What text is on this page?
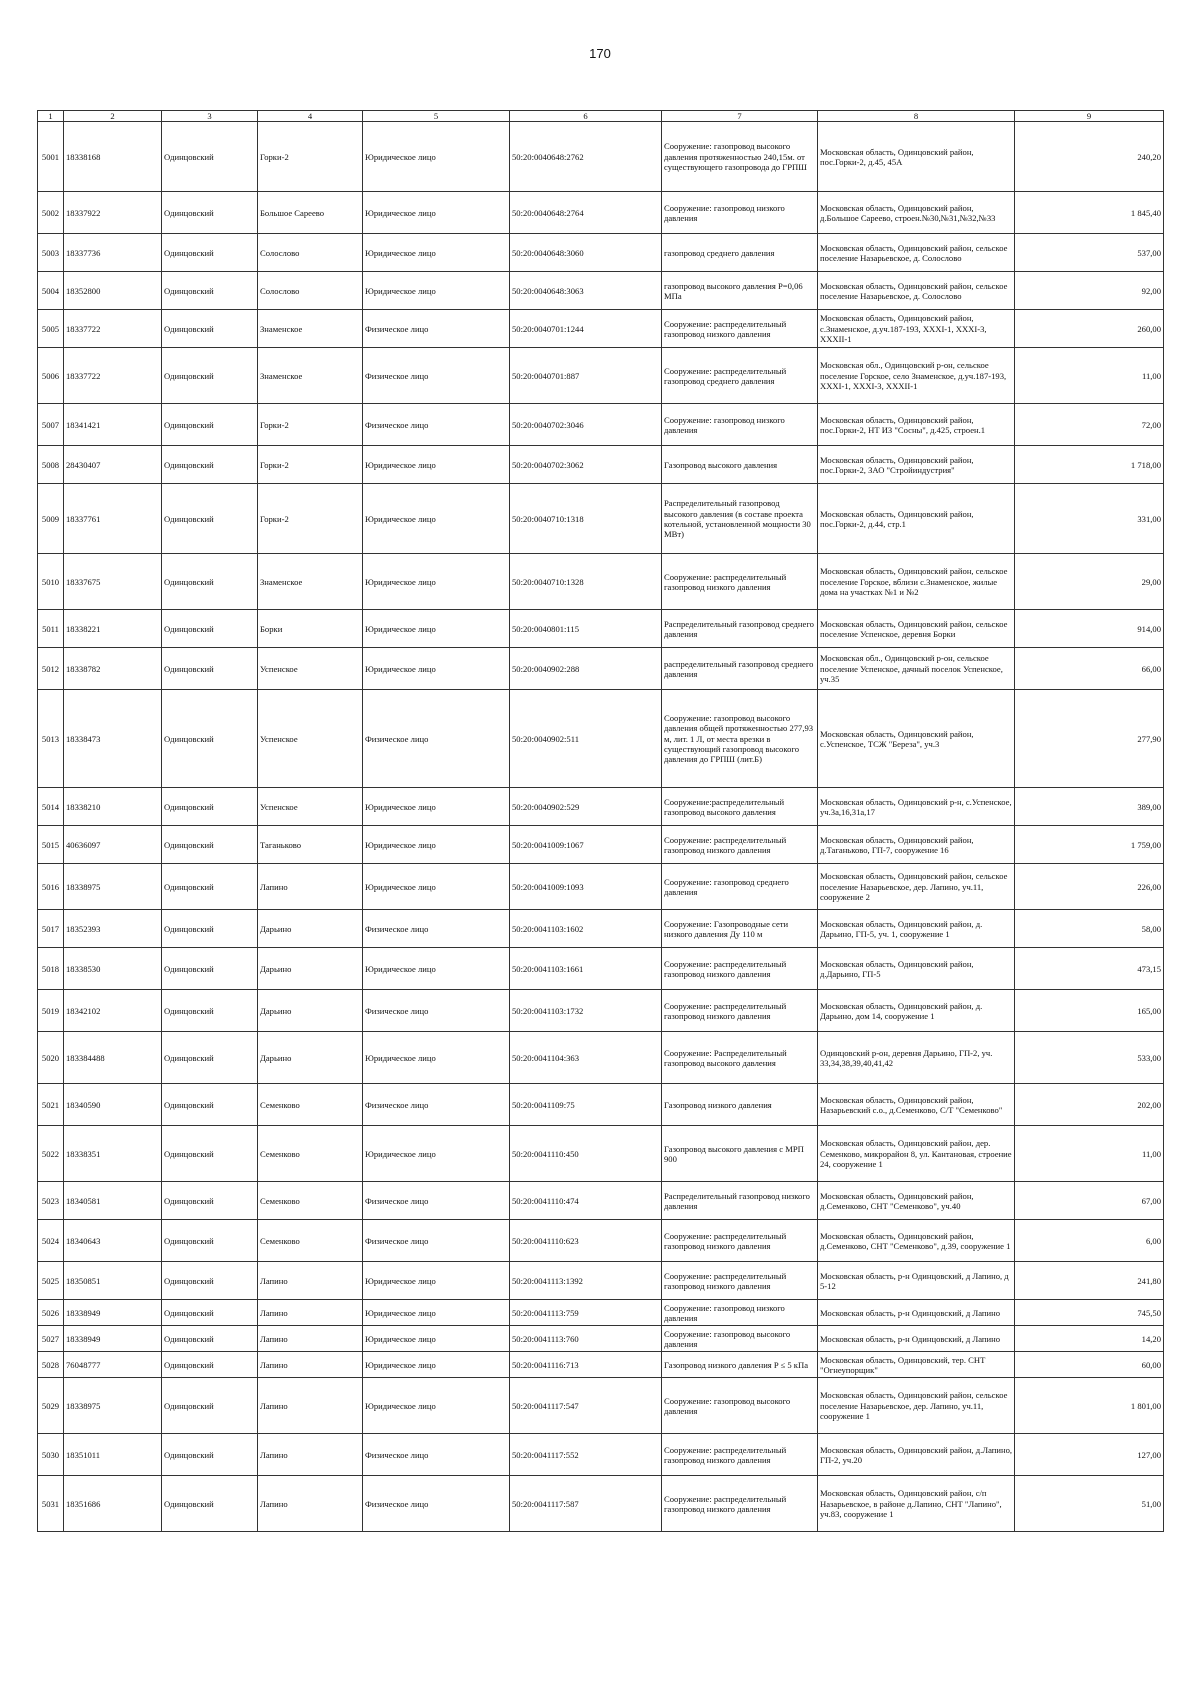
170
1	2	3	4	5	6	7	8	9
5001	18338168	Одинцовский	Горки-2	Юридическое лицо	50:20:0040648:2762	Сооружение: газопровод высокого давления протяженностью 240,15м. от существующего газопровода до ГРПШ	Московская область, Одинцовский район, пос.Горки-2, д.45, 45А	240,20
5002	18337922	Одинцовский	Большое Сареево	Юридическое лицо	50:20:0040648:2764	Сооружение: газопровод низкого давления	Московская область, Одинцовский район, д.Большое Сареево, строен.№30,№31,№32,№33	1 845,40
5003	18337736	Одинцовский	Солослово	Юридическое лицо	50:20:0040648:3060	газопровод среднего давления	Московская область, Одинцовский район, сельское поселение Назарьевское, д. Солослово	537,00
5004	18352800	Одинцовский	Солослово	Юридическое лицо	50:20:0040648:3063	газопровод высокого давления P=0,06 МПа	Московская область, Одинцовский район, сельское поселение Назарьевское, д. Солослово	92,00
5005	18337722	Одинцовский	Знаменское	Физическое лицо	50:20:0040701:1244	Сооружение: распределительный газопровод низкого давления	Московская область, Одинцовский район, с.Знаменское, д.уч.187-193, XXXI-1, XXXI-3, XXXII-1	260,00
5006	18337722	Одинцовский	Знаменское	Физическое лицо	50:20:0040701:887	Сооружение: распределительный газопровод среднего давления	Московская обл., Одинцовский р-он, сельское поселение Горское, село Знаменское, д.уч.187-193, XXXI-1, XXXI-3, XXXII-1	11,00
5007	18341421	Одинцовский	Горки-2	Физическое лицо	50:20:0040702:3046	Сооружение: газопровод низкого давления	Московская область, Одинцовский район, пос.Горки-2, НТ ИЗ "Сосны", д.425, строен.1	72,00
5008	28430407	Одинцовский	Горки-2	Юридическое лицо	50:20:0040702:3062	Газопровод высокого давления	Московская область, Одинцовский район, пос.Горки-2, ЗАО "Стройиндустрия"	1 718,00
5009	18337761	Одинцовский	Горки-2	Юридическое лицо	50:20:0040710:1318	Распределительный газопровод высокого давления (в составе проекта котельной, установленной мощности 30 МВт)	Московская область, Одинцовский район, пос.Горки-2, д.44, стр.1	331,00
5010	18337675	Одинцовский	Знаменское	Юридическое лицо	50:20:0040710:1328	Сооружение: распределительный газопровод низкого давления	Московская область, Одинцовский район, сельское поселение Горское, вблизи с.Знаменское, жилые дома на участках №1 и №2	29,00
5011	18338221	Одинцовский	Борки	Юридическое лицо	50:20:0040801:115	Распределительный газопровод среднего давления	Московская область, Одинцовский район, сельское поселение Успенское, деревня Борки	914,00
5012	18338782	Одинцовский	Успенское	Юридическое лицо	50:20:0040902:288	распределительный газопровод среднего давления	Московская обл., Одинцовский р-он, сельское поселение Успенское, дачный поселок Успенское, уч.35	66,00
5013	18338473	Одинцовский	Успенское	Физическое лицо	50:20:0040902:511	Сооружение: газопровод высокого давления общей протяженностью 277,93 м, лит. 1 Л, от места врезки в существующий газопровод высокого давления до ГРПШ (лит.Б)	Московская область, Одинцовский район, с.Успенское, ТСЖ "Береза", уч.3	277,90
5014	18338210	Одинцовский	Успенское	Юридическое лицо	50:20:0040902:529	Сооружение:распределительный газопровод высокого давления	Московская область, Одинцовский р-н, с.Успенское, уч.3а,16,31а,17	389,00
5015	40636097	Одинцовский	Таганьково	Юридическое лицо	50:20:0041009:1067	Сооружение: распределительный газопровод низкого давления	Московская область, Одинцовский район, д.Таганьково, ГП-7, сооружение 16	1 759,00
5016	18338975	Одинцовский	Лапино	Юридическое лицо	50:20:0041009:1093	Сооружение: газопровод среднего давления	Московская область, Одинцовский район, сельское поселение Назарьевское, дер. Лапино, уч.11, сооружение 2	226,00
5017	18352393	Одинцовский	Дарьино	Физическое лицо	50:20:0041103:1602	Сооружение: Газопроводные сети низкого давления Ду 110 м	Московская область, Одинцовский район, д. Дарьино, ГП-5, уч. 1, сооружение 1	58,00
5018	18338530	Одинцовский	Дарьино	Юридическое лицо	50:20:0041103:1661	Сооружение: распределительный газопровод низкого давления	Московская область, Одинцовский район, д.Дарьино, ГП-5	473,15
5019	18342102	Одинцовский	Дарьино	Физическое лицо	50:20:0041103:1732	Сооружение: распределительный газопровод низкого давления	Московская область, Одинцовский район, д. Дарьино, дом 14, сооружение 1	165,00
5020	183384488	Одинцовский	Дарьино	Юридическое лицо	50:20:0041104:363	Сооружение: Распределительный газопровод высокого давления	Одинцовский р-он, деревня Дарьино, ГП-2, уч. 33,34,38,39,40,41,42	533,00
5021	18340590	Одинцовский	Семенково	Физическое лицо	50:20:0041109:75	Газопровод низкого давления	Московская область, Одинцовский район, Назарьевский с.о., д.Семенково, С/Т "Семенково"	202,00
5022	18338351	Одинцовский	Семенково	Юридическое лицо	50:20:0041110:450	Газопровод высокого давления с МРП 900	Московская область, Одинцовский район, дер. Семенково, микрорайон 8, ул. Кантановая, строение 24, сооружение 1	11,00
5023	18340581	Одинцовский	Семенково	Физическое лицо	50:20:0041110:474	Распределительный газопровод низкого давления	Московская область, Одинцовский район, д.Семенково, СНТ "Семенково", уч.40	67,00
5024	18340643	Одинцовский	Семенково	Физическое лицо	50:20:0041110:623	Сооружение: распределительный газопровод низкого давления	Московская область, Одинцовский район, д.Семенково, СНТ "Семенково", д.39, сооружение 1	6,00
5025	18350851	Одинцовский	Лапино	Юридическое лицо	50:20:0041113:1392	Сооружение: распределительный газопровод низкого давления	Московская область, р-н Одинцовский, д Лапино, д 5-12	241,80
5026	18338949	Одинцовский	Лапино	Юридическое лицо	50:20:0041113:759	Сооружение: газопровод низкого давления	Московская область, р-н Одинцовский, д Лапино	745,50
5027	18338949	Одинцовский	Лапино	Юридическое лицо	50:20:0041113:760	Сооружение: газопровод высокого давления	Московская область, р-н Одинцовский, д Лапино	14,20
5028	76048777	Одинцовский	Лапино	Юридическое лицо	50:20:0041116:713	Газопровод низкого давления P ≤ 5 кПа	Московская область, Одинцовский, тер. СНТ "Огнеупорщик"	60,00
5029	18338975	Одинцовский	Лапино	Юридическое лицо	50:20:0041117:547	Сооружение: газопровод высокого давления	Московская область, Одинцовский район, сельское поселение Назарьевское, дер. Лапино, уч.11, сооружение 1	1 801,00
5030	18351011	Одинцовский	Лапино	Физическое лицо	50:20:0041117:552	Сооружение: распределительный газопровод низкого давления	Московская область, Одинцовский район, д.Лапино, ГП-2, уч.20	127,00
5031	18351686	Одинцовский	Лапино	Физическое лицо	50:20:0041117:587	Сооружение: распределительный газопровод низкого давления	Московская область, Одинцовский район, с/п Назарьевское, в районе д.Лапино, СНТ "Лапино", уч.83, сооружение 1	51,00
